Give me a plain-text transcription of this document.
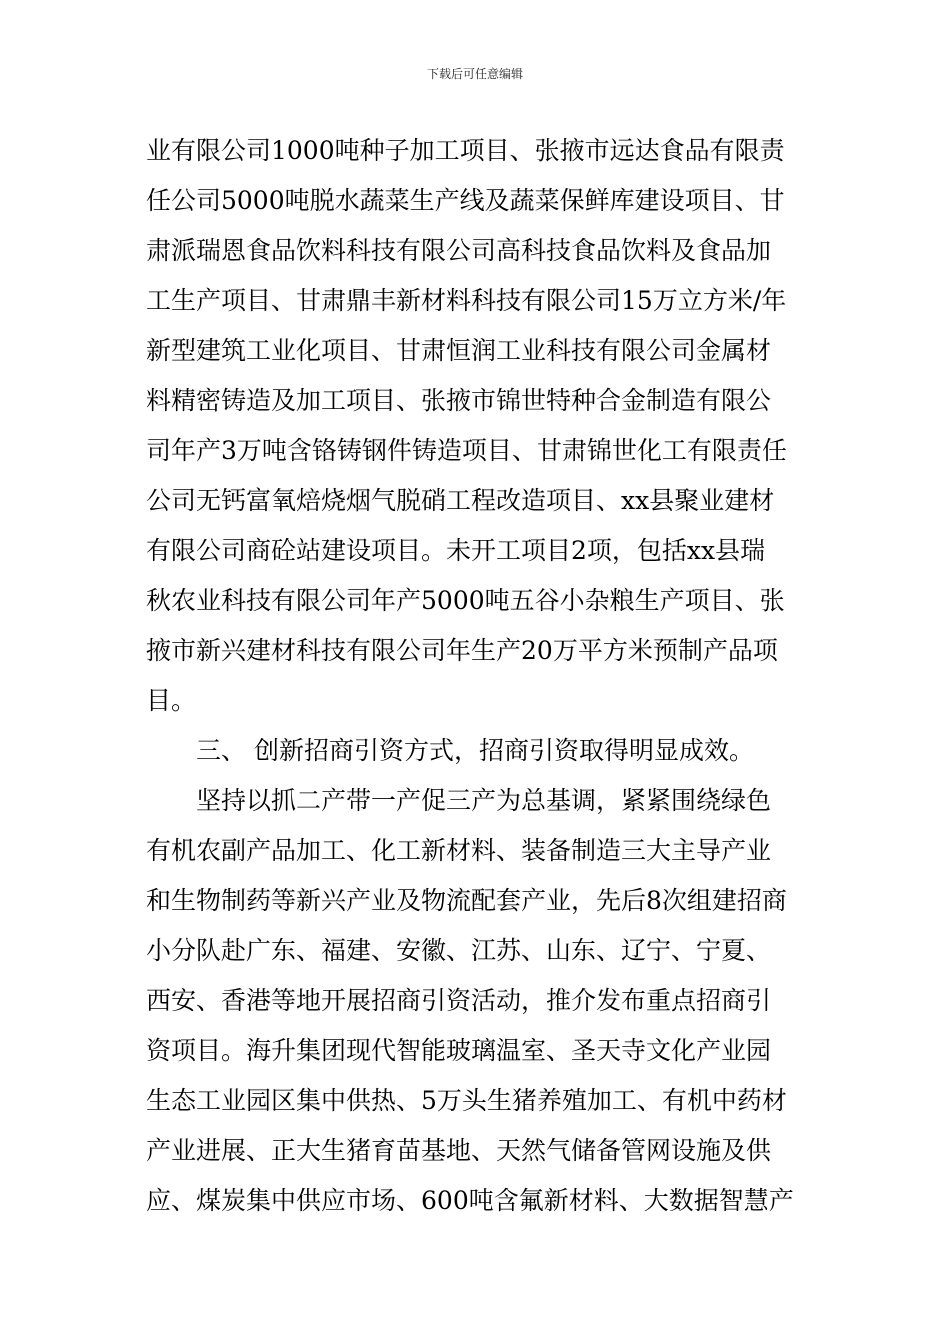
下载后可任意编辑
业有限公司1000吨种子加工项目、张掖市远达食品有限责
任公司5000吨脱水蔬菜生产线及蔬菜保鲜库建设项目、甘
肃派瑞恩食品饮料科技有限公司高科技食品饮料及食品加
工生产项目、甘肃鼎丰新材料科技有限公司15万立方米/年
新型建筑工业化项目、甘肃恒润工业科技有限公司金属材
料精密铸造及加工项目、张掖市锦世特种合金制造有限公
司年产3万吨含铬铸钢件铸造项目、甘肃锦世化工有限责任
公司无钙富氧焙烧烟气脱硝工程改造项目、xx县聚业建材
有限公司商砼站建设项目。未开工项目2项，包括xx县瑞
秋农业科技有限公司年产5000吨五谷小杂粮生产项目、张
掖市新兴建材科技有限公司年生产20万平方米预制产品项
目。
三、 创新招商引资方式，招商引资取得明显成效。
坚持以抓二产带一产促三产为总基调，紧紧围绕绿色
有机农副产品加工、化工新材料、装备制造三大主导产业
和生物制药等新兴产业及物流配套产业，先后8次组建招商
小分队赴广东、福建、安徽、江苏、山东、辽宁、宁夏、
西安、香港等地开展招商引资活动，推介发布重点招商引
资项目。海升集团现代智能玻璃温室、圣天寺文化产业园
生态工业园区集中供热、5万头生猪养殖加工、有机中药材
产业进展、正大生猪育苗基地、天然气储备管网设施及供
应、煤炭集中供应市场、600吨含氟新材料、大数据智慧产
